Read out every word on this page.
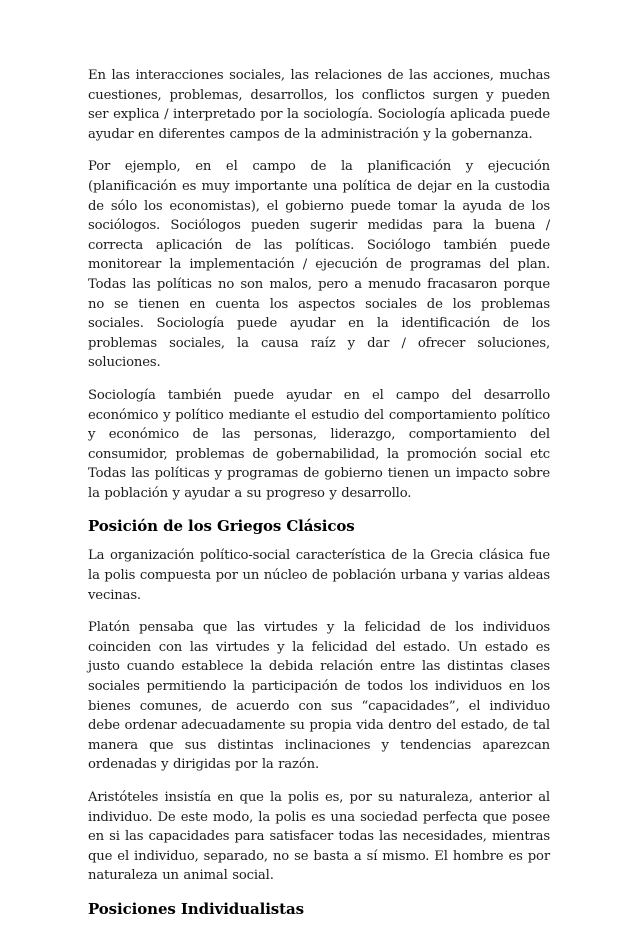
En las interacciones sociales, las relaciones de las acciones, muchas cuestiones, problemas, desarrollos, los conflictos surgen y pueden ser explica / interpretado por la sociología. Sociología aplicada puede ayudar en diferentes campos de la administración y la gobernanza.

Por ejemplo, en el campo de la planificación y ejecución (planificación es muy importante una política de dejar en la custodia de sólo los economistas), el gobierno puede tomar la ayuda de los sociólogos. Sociólogos pueden sugerir medidas para la buena / correcta aplicación de las políticas. Sociólogo también puede monitorear la implementación / ejecución de programas del plan. Todas las políticas no son malos, pero a menudo fracasaron porque no se tienen en cuenta los aspectos sociales de los problemas sociales. Sociología puede ayudar en la identificación de los problemas sociales, la causa raíz y dar / ofrecer soluciones, soluciones.

Sociología también puede ayudar en el campo del desarrollo económico y político mediante el estudio del comportamiento político y económico de las personas, liderazgo, comportamiento del consumidor, problemas de gobernabilidad, la promoción social etc Todas las políticas y programas de gobierno tienen un impacto sobre la población y ayudar a su progreso y desarrollo.

Posición de los Griegos Clásicos

La organización político-social característica de la Grecia clásica fue la polis compuesta por un núcleo de población urbana y varias aldeas vecinas.

Platón pensaba que las virtudes y la felicidad de los individuos coinciden con las virtudes y la felicidad del estado. Un estado es justo cuando establece la debida relación entre las distintas clases sociales permitiendo la participación de todos los individuos en los bienes comunes, de acuerdo con sus “capacidades”, el individuo debe ordenar adecuadamente su propia vida dentro del estado, de tal manera que sus distintas inclinaciones y tendencias aparezcan ordenadas y dirigidas por la razón.

Aristóteles insistía en que la polis es, por su naturaleza, anterior al individuo. De este modo, la polis es una sociedad perfecta que posee en si las capacidades para satisfacer todas las necesidades, mientras que el individuo, separado, no se basta a sí mismo. El hombre es por naturaleza un animal social.

Posiciones Individualistas
